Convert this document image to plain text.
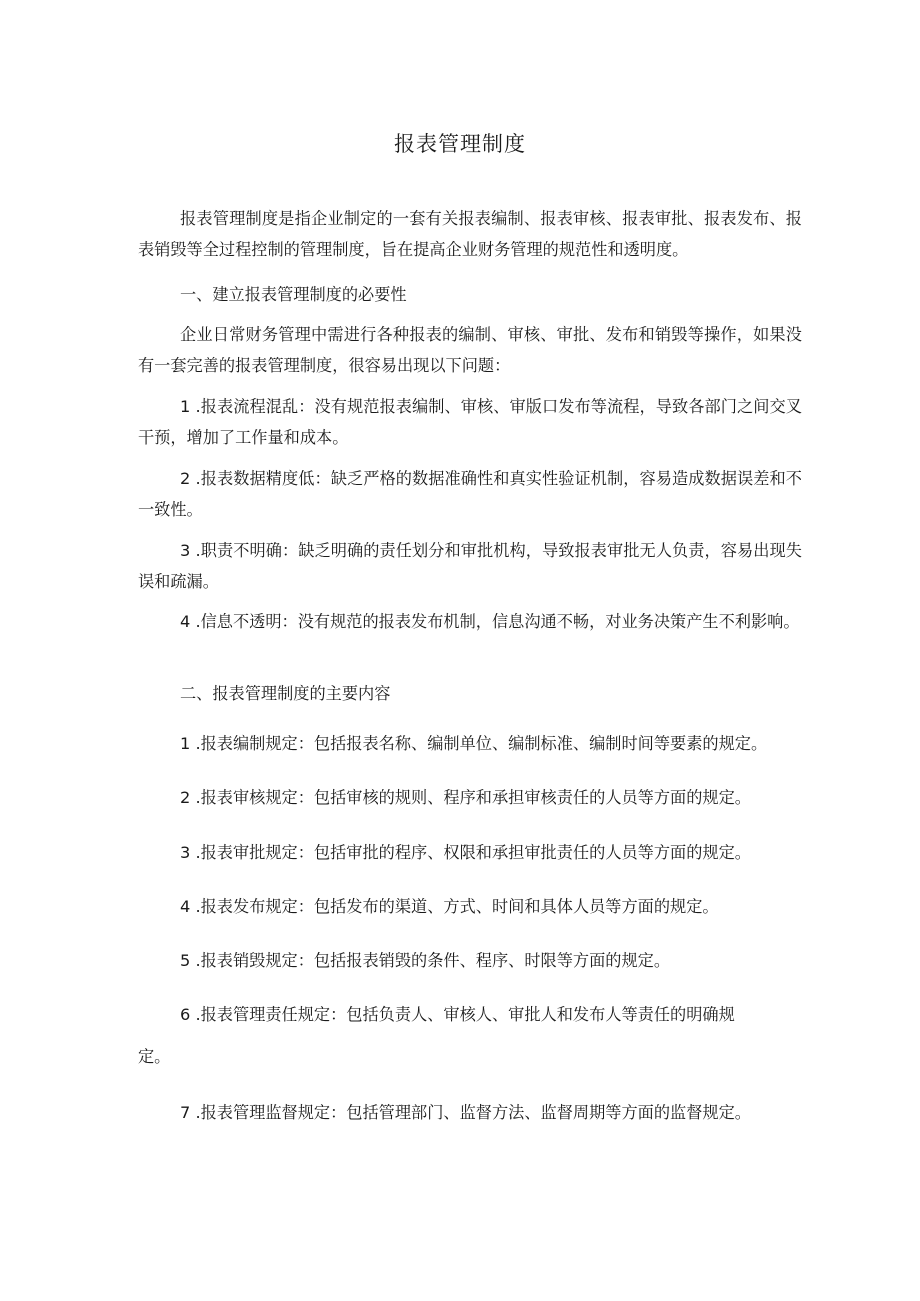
报表管理制度
报表管理制度是指企业制定的一套有关报表编制、报表审核、报表审批、报表发布、报表销毁等全过程控制的管理制度，旨在提高企业财务管理的规范性和透明度。
一、建立报表管理制度的必要性
企业日常财务管理中需进行各种报表的编制、审核、审批、发布和销毁等操作，如果没有一套完善的报表管理制度，很容易出现以下问题：
1 .报表流程混乱：没有规范报表编制、审核、审版口发布等流程，导致各部门之间交叉干预，增加了工作量和成本。
2 .报表数据精度低：缺乏严格的数据准确性和真实性验证机制，容易造成数据误差和不一致性。
3 .职责不明确：缺乏明确的责任划分和审批机构，导致报表审批无人负责，容易出现失误和疏漏。
4 .信息不透明：没有规范的报表发布机制，信息沟通不畅，对业务决策产生不利影响。
二、报表管理制度的主要内容
1 .报表编制规定：包括报表名称、编制单位、编制标准、编制时间等要素的规定。
2 .报表审核规定：包括审核的规则、程序和承担审核责任的人员等方面的规定。
3 .报表审批规定：包括审批的程序、权限和承担审批责任的人员等方面的规定。
4 .报表发布规定：包括发布的渠道、方式、时间和具体人员等方面的规定。
5 .报表销毁规定：包括报表销毁的条件、程序、时限等方面的规定。
6 .报表管理责任规定：包括负责人、审核人、审批人和发布人等责任的明确规
定。
7 .报表管理监督规定：包括管理部门、监督方法、监督周期等方面的监督规定。
